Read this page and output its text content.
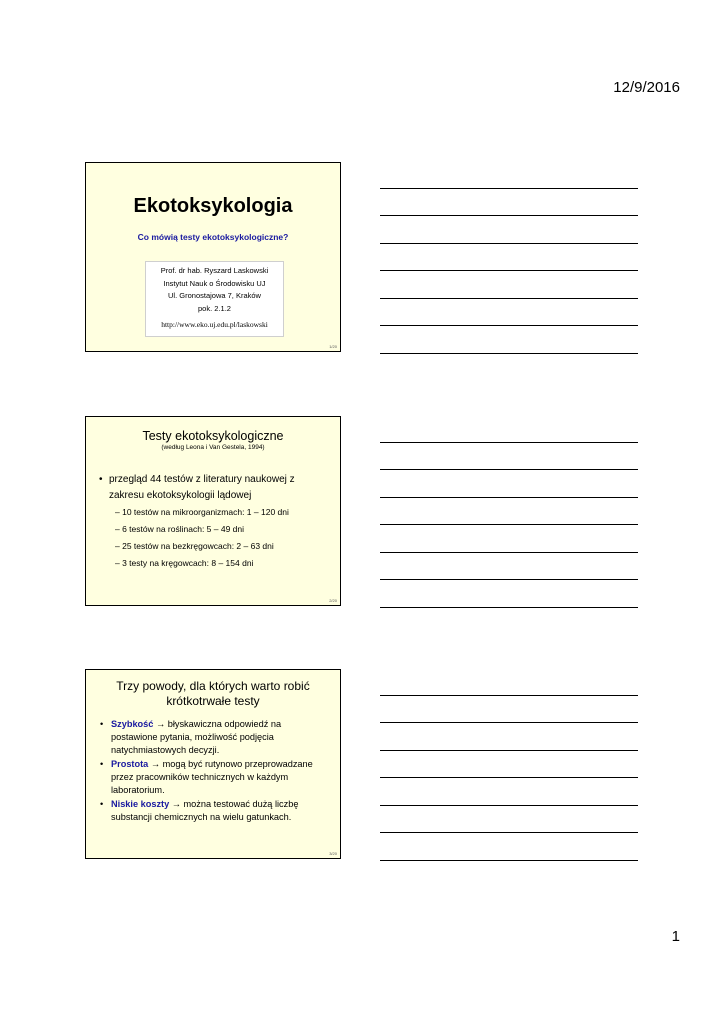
12/9/2016
Ekotoksykologia
Co mówią testy ekotoksykologiczne?
Prof. dr hab. Ryszard Laskowski
Instytut Nauk o Środowisku UJ
Ul. Gronostajowa 7, Kraków
pok. 2.1.2
http://www.eko.uj.edu.pl/laskowski
1/20
Testy ekotoksykologiczne
(według Leona i Van Gestela, 1994)
• przegląd 44 testów z literatury naukowej z zakresu ekotoksykologii lądowej
– 10 testów na mikroorganizmach: 1 – 120 dni
– 6 testów na roślinach: 5 – 49 dni
– 25 testów na bezkręgowcach: 2 – 63 dni
– 3 testy na kręgowcach: 8 – 154 dni
2/20
Trzy powody, dla których warto robić krótkotrwałe testy
• Szybkość → błyskawiczna odpowiedź na postawione pytania, możliwość podjęcia natychmiastowych decyzji.
• Prostota → mogą być rutynowo przeprowadzane przez pracowników technicznych w każdym laboratorium.
• Niskie koszty → można testować dużą liczbę substancji chemicznych na wielu gatunkach.
3/20
1
